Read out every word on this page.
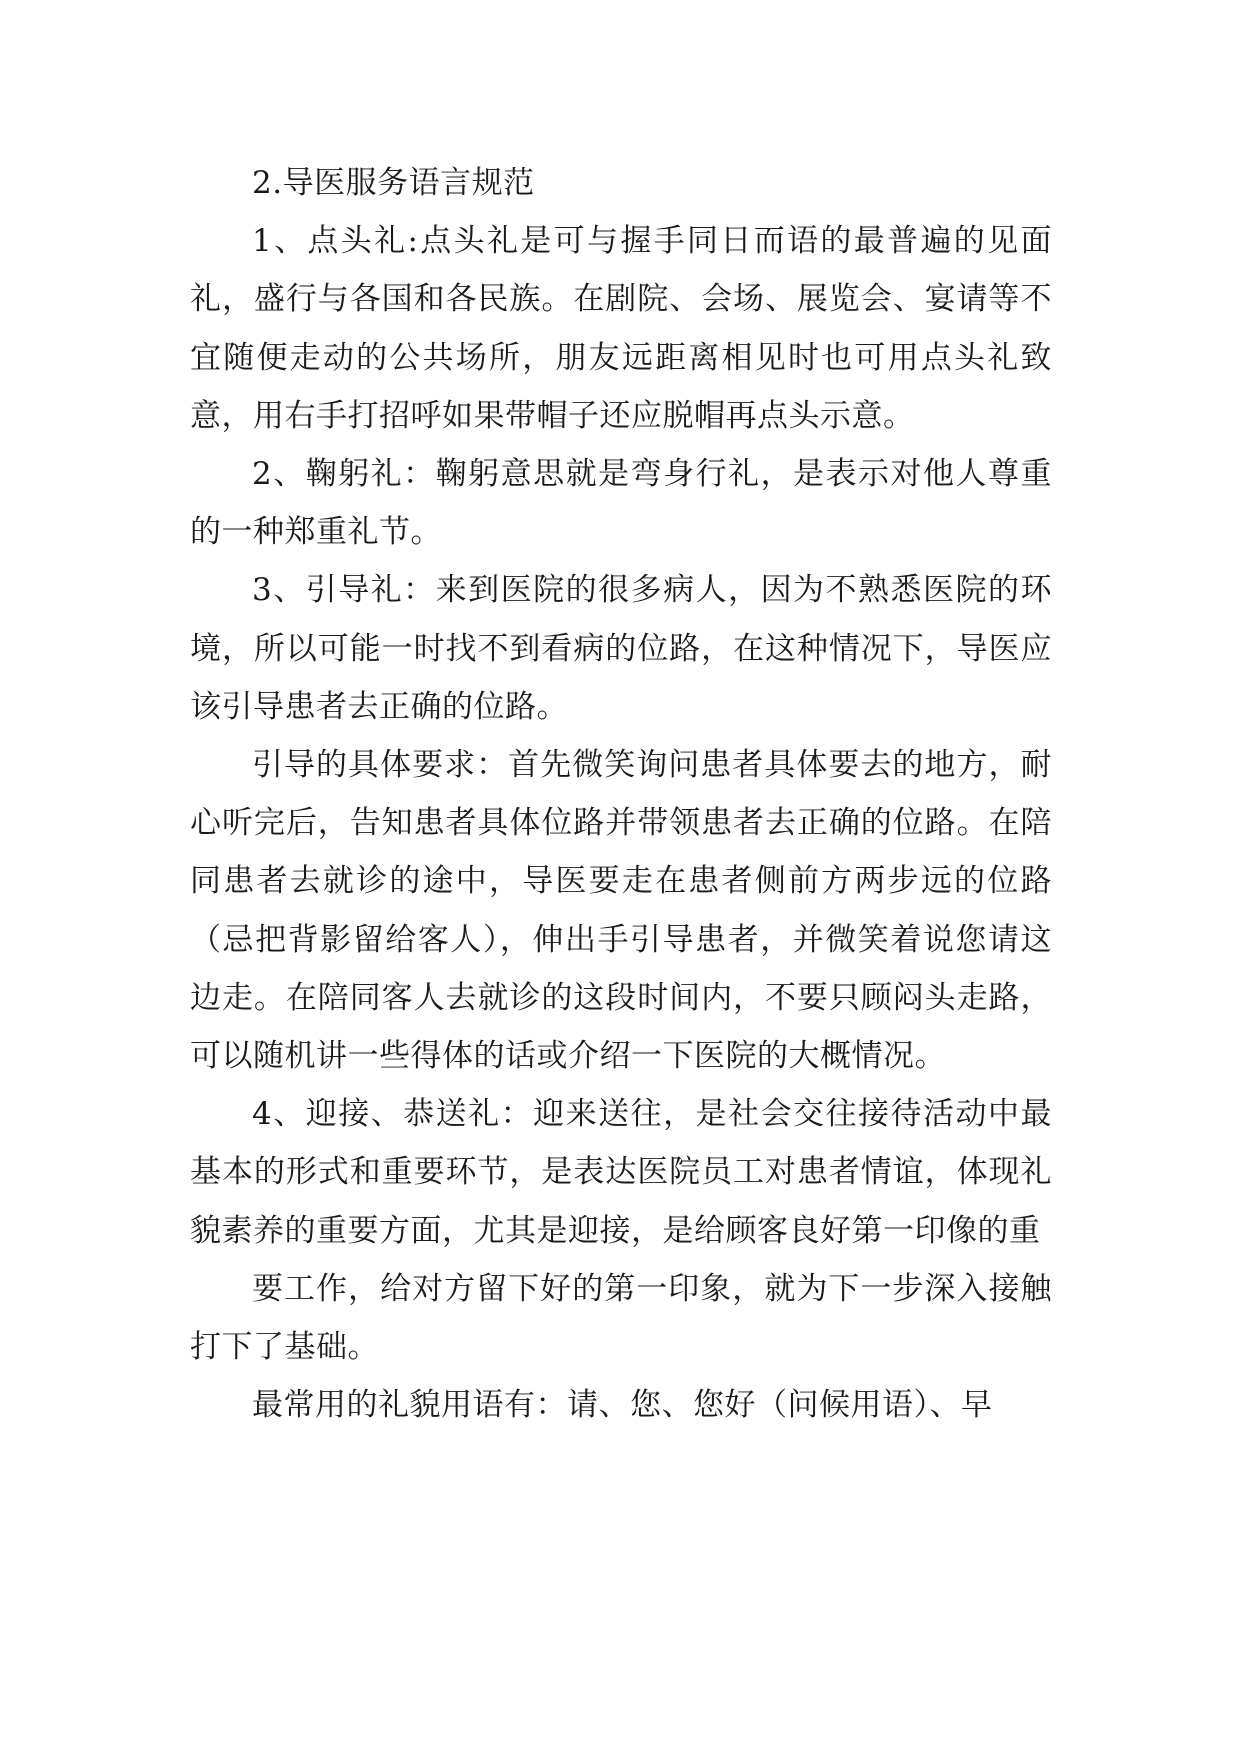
2.导医服务语言规范

1、点头礼:点头礼是可与握手同日而语的最普遍的见面礼，盛行与各国和各民族。在剧院、会场、展览会、宴请等不宜随便走动的公共场所，朋友远距离相见时也可用点头礼致意，用右手打招呼如果带帽子还应脱帽再点头示意。

2、鞠躬礼：鞠躬意思就是弯身行礼，是表示对他人尊重的一种郑重礼节。

3、引导礼：来到医院的很多病人，因为不熟悉医院的环境，所以可能一时找不到看病的位路，在这种情况下，导医应该引导患者去正确的位路。

引导的具体要求：首先微笑询问患者具体要去的地方，耐心听完后，告知患者具体位路并带领患者去正确的位路。在陪同患者去就诊的途中，导医要走在患者侧前方两步远的位路（忌把背影留给客人），伸出手引导患者，并微笑着说您请这边走。在陪同客人去就诊的这段时间内，不要只顾闷头走路，可以随机讲一些得体的话或介绍一下医院的大概情况。

4、迎接、恭送礼：迎来送往，是社会交往接待活动中最基本的形式和重要环节，是表达医院员工对患者情谊，体现礼貌素养的重要方面，尤其是迎接，是给顾客良好第一印像的重

要工作，给对方留下好的第一印象，就为下一步深入接触打下了基础。

最常用的礼貌用语有：请、您、您好（问候用语）、早
